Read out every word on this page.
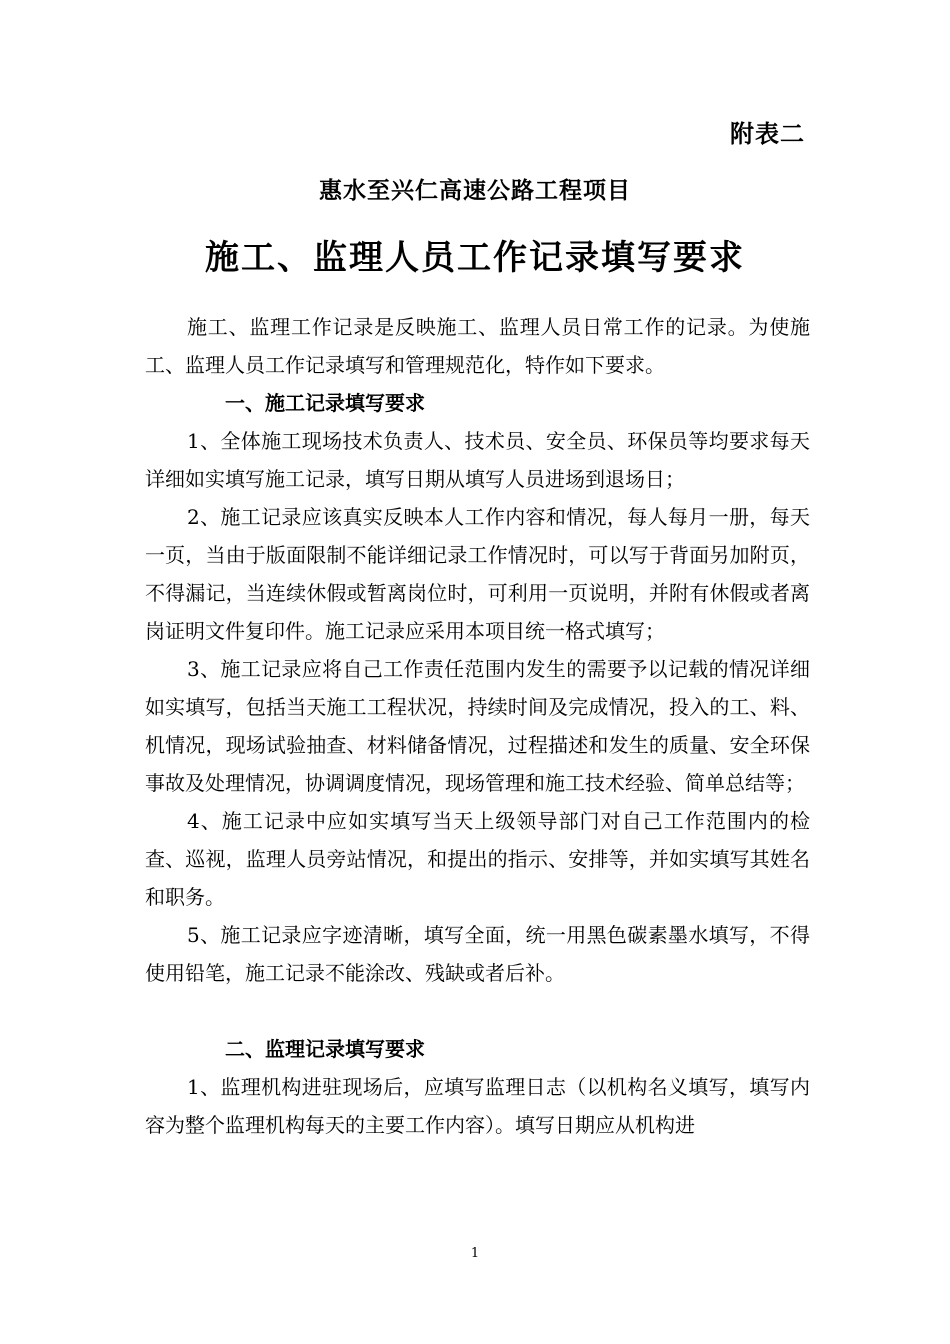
附表二
惠水至兴仁高速公路工程项目
施工、监理人员工作记录填写要求

施工、监理工作记录是反映施工、监理人员日常工作的记录。为使施工、监理人员工作记录填写和管理规范化，特作如下要求。

一、施工记录填写要求

1、全体施工现场技术负责人、技术员、安全员、环保员等均要求每天详细如实填写施工记录，填写日期从填写人员进场到退场日；

2、施工记录应该真实反映本人工作内容和情况，每人每月一册，每天一页，当由于版面限制不能详细记录工作情况时，可以写于背面另加附页，不得漏记，当连续休假或暂离岗位时，可利用一页说明，并附有休假或者离岗证明文件复印件。施工记录应采用本项目统一格式填写；

3、施工记录应将自己工作责任范围内发生的需要予以记载的情况详细如实填写，包括当天施工工程状况，持续时间及完成情况，投入的工、料、机情况，现场试验抽查、材料储备情况，过程描述和发生的质量、安全环保事故及处理情况，协调调度情况，现场管理和施工技术经验、简单总结等；

4、施工记录中应如实填写当天上级领导部门对自己工作范围内的检查、巡视，监理人员旁站情况，和提出的指示、安排等，并如实填写其姓名和职务。

5、施工记录应字迹清晰，填写全面，统一用黑色碳素墨水填写，不得使用铅笔，施工记录不能涂改、残缺或者后补。

二、监理记录填写要求

1、监理机构进驻现场后，应填写监理日志（以机构名义填写，填写内容为整个监理机构每天的主要工作内容）。填写日期应从机构进

1
